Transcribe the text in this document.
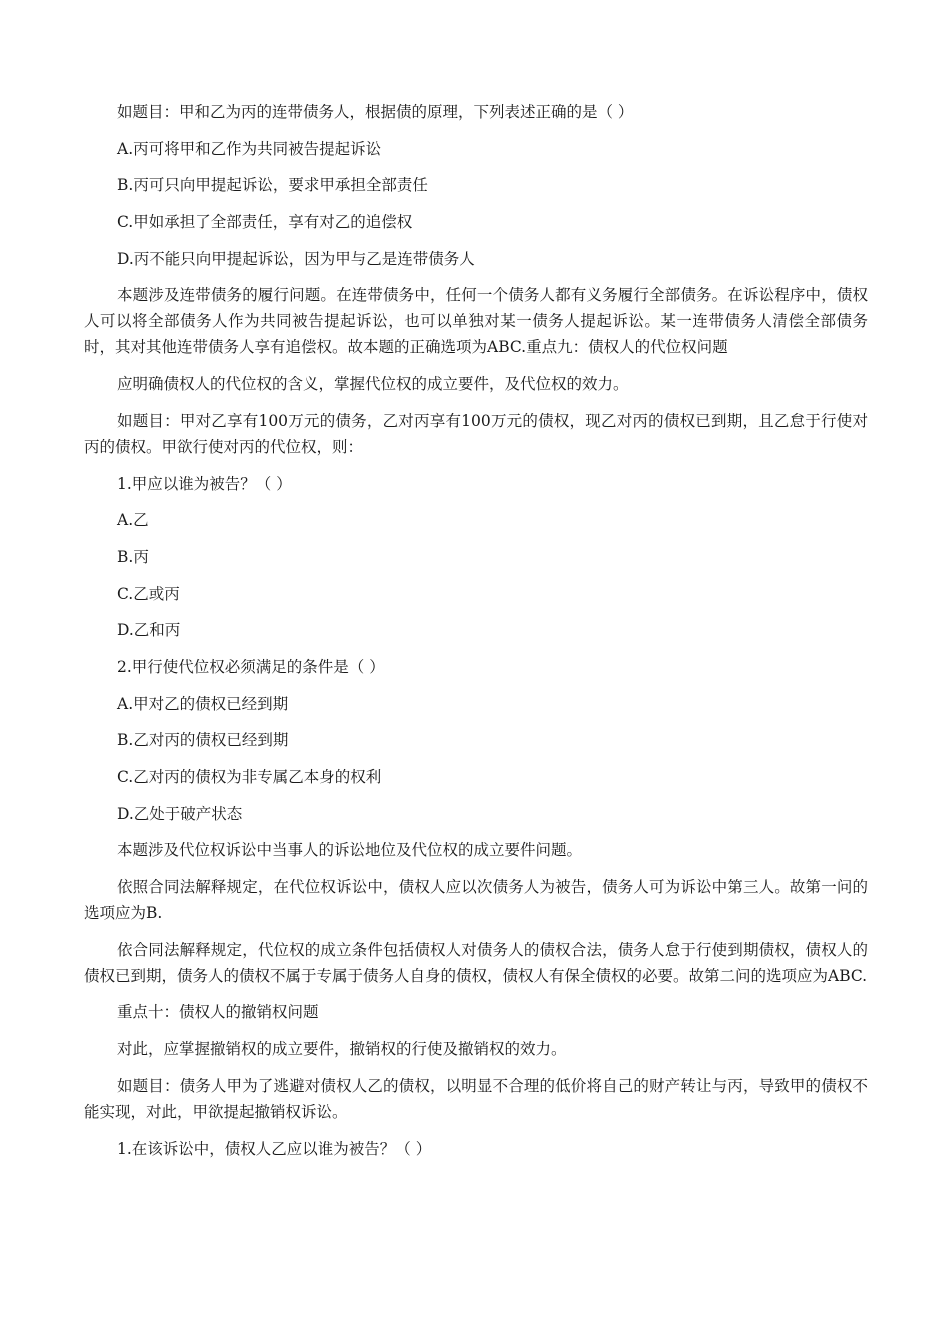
如题目：甲和乙为丙的连带债务人，根据债的原理，下列表述正确的是（ ）

A.丙可将甲和乙作为共同被告提起诉讼

B.丙可只向甲提起诉讼，要求甲承担全部责任

C.甲如承担了全部责任，享有对乙的追偿权

D.丙不能只向甲提起诉讼，因为甲与乙是连带债务人

本题涉及连带债务的履行问题。在连带债务中，任何一个债务人都有义务履行全部债务。在诉讼程序中，债权人可以将全部债务人作为共同被告提起诉讼，也可以单独对某一债务人提起诉讼。某一连带债务人清偿全部债务时，其对其他连带债务人享有追偿权。故本题的正确选项为ABC.重点九：债权人的代位权问题

应明确债权人的代位权的含义，掌握代位权的成立要件，及代位权的效力。

如题目：甲对乙享有100万元的债务，乙对丙享有100万元的债权，现乙对丙的债权已到期，且乙怠于行使对丙的债权。甲欲行使对丙的代位权，则：

1.甲应以谁为被告？（ ）

A.乙

B.丙

C.乙或丙

D.乙和丙

2.甲行使代位权必须满足的条件是（ ）

A.甲对乙的债权已经到期

B.乙对丙的债权已经到期

C.乙对丙的债权为非专属乙本身的权利

D.乙处于破产状态

本题涉及代位权诉讼中当事人的诉讼地位及代位权的成立要件问题。

依照合同法解释规定，在代位权诉讼中，债权人应以次债务人为被告，债务人可为诉讼中第三人。故第一问的选项应为B.

依合同法解释规定，代位权的成立条件包括债权人对债务人的债权合法，债务人怠于行使到期债权，债权人的债权已到期，债务人的债权不属于专属于债务人自身的债权，债权人有保全债权的必要。故第二问的选项应为ABC.

重点十：债权人的撤销权问题

对此，应掌握撤销权的成立要件，撤销权的行使及撤销权的效力。

如题目：债务人甲为了逃避对债权人乙的债权，以明显不合理的低价将自己的财产转让与丙，导致甲的债权不能实现，对此，甲欲提起撤销权诉讼。

1.在该诉讼中，债权人乙应以谁为被告？（ ）
